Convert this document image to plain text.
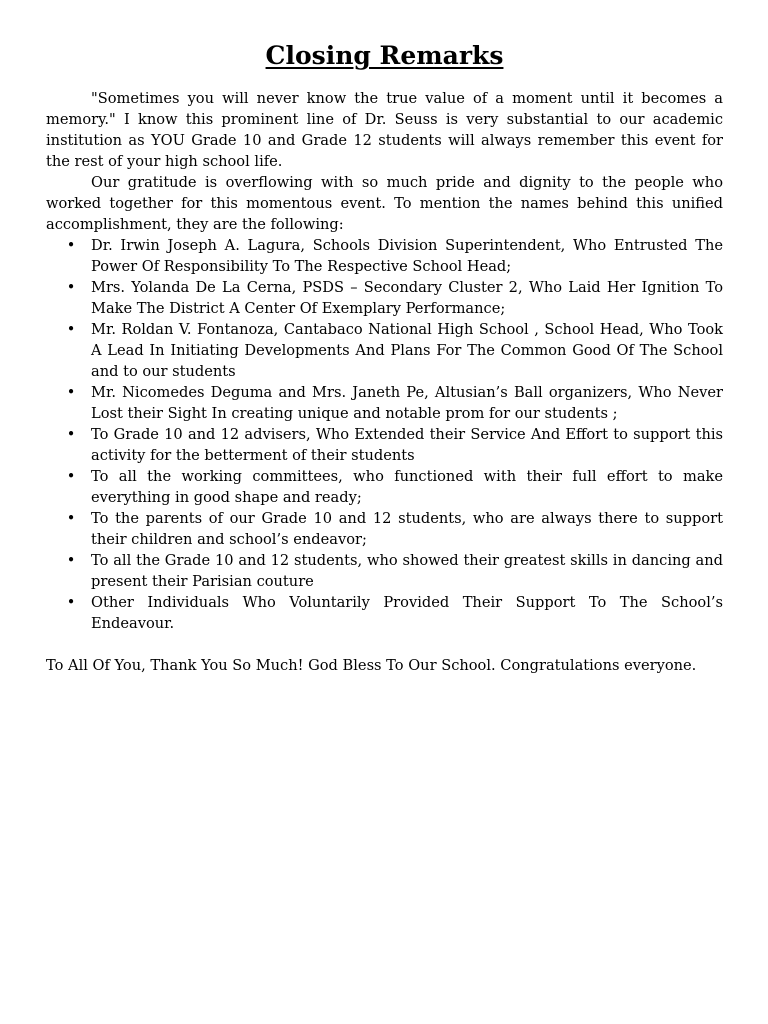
Closing Remarks

"Sometimes you will never know the true value of a moment until it becomes a memory." I know this prominent line of Dr. Seuss is very substantial to our academic institution as YOU Grade 10 and Grade 12 students will always remember this event for the rest of your high school life.

Our gratitude is overflowing with so much pride and dignity to the people who worked together for this momentous event. To mention the names behind this unified accomplishment, they are the following:

• Dr. Irwin Joseph A. Lagura, Schools Division Superintendent, Who Entrusted The Power Of Responsibility To The Respective School Head;
• Mrs. Yolanda De La Cerna, PSDS – Secondary Cluster 2, Who Laid Her Ignition To Make The District A Center Of Exemplary Performance;
• Mr. Roldan V. Fontanoza, Cantabaco National High School , School Head, Who Took A Lead In Initiating Developments And Plans For The Common Good Of The School and to our students
• Mr. Nicomedes Deguma and Mrs. Janeth Pe, Altusian’s Ball organizers, Who Never Lost their Sight In creating unique and notable prom for our students ;
• To Grade 10 and 12 advisers, Who Extended their Service And Effort to support this activity for the betterment of their students
• To all the working committees, who functioned with their full effort to make everything in good shape and ready;
• To the parents of our Grade 10 and 12 students, who are always there to support their children and school’s endeavor;
• To all the Grade 10 and 12 students, who showed their greatest skills in dancing and present their Parisian couture
• Other Individuals Who Voluntarily Provided Their Support To The School’s Endeavour.

To All Of You, Thank You So Much! God Bless To Our School. Congratulations everyone.
